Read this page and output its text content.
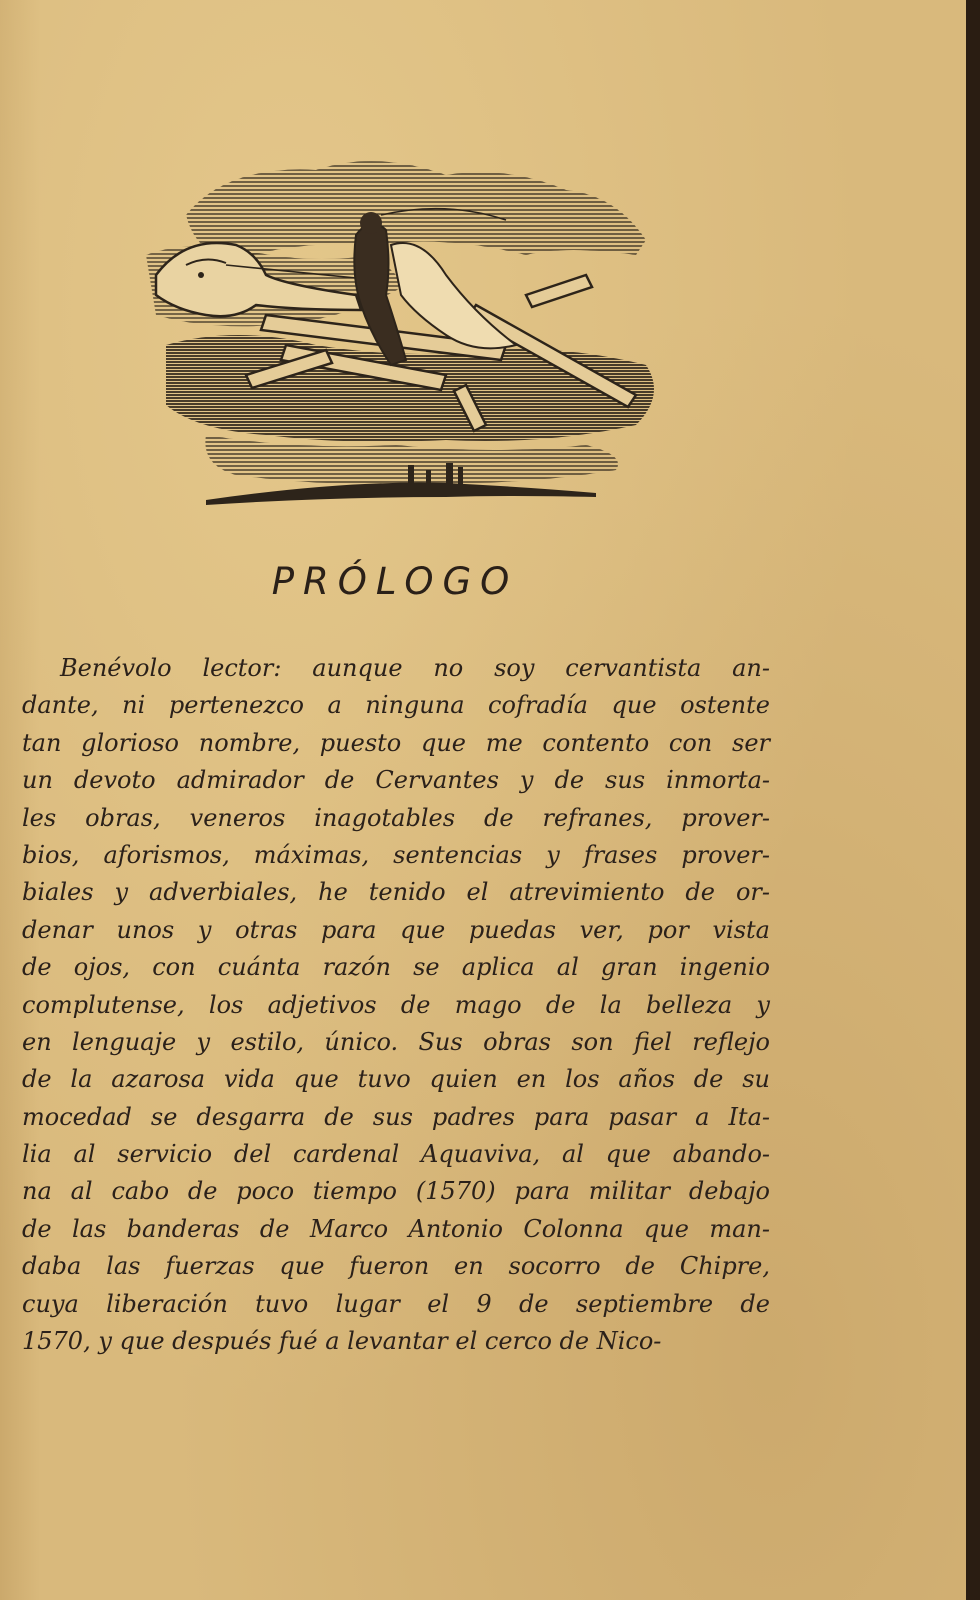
PRÓLOGO
Benévolo lector: aunque no soy cervantista an-
dante, ni pertenezco a ninguna cofradía que ostente
tan glorioso nombre, puesto que me contento con ser
un devoto admirador de Cervantes y de sus inmorta-
les obras, veneros inagotables de refranes, prover-
bios, aforismos, máximas, sentencias y frases prover-
biales y adverbiales, he tenido el atrevimiento de or-
denar unos y otras para que puedas ver, por vista
de ojos, con cuánta razón se aplica al gran ingenio
complutense, los adjetivos de mago de la belleza y
en lenguaje y estilo, único. Sus obras son fiel reflejo
de la azarosa vida que tuvo quien en los años de su
mocedad se desgarra de sus padres para pasar a Ita-
lia al servicio del cardenal Aquaviva, al que abando-
na al cabo de poco tiempo (1570) para militar debajo
de las banderas de Marco Antonio Colonna que man-
daba las fuerzas que fueron en socorro de Chipre,
cuya liberación tuvo lugar el 9 de septiembre de
1570, y que después fué a levantar el cerco de Nico-
